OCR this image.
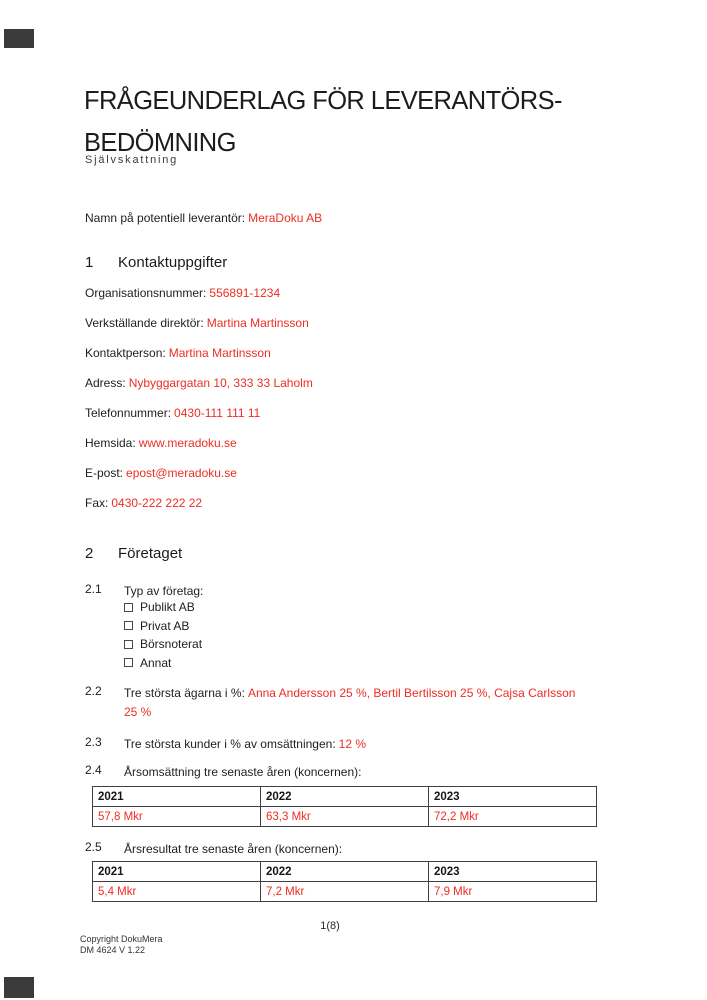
FRÅGEUNDERLAG FÖR LEVERANTÖRS-
BEDÖMNING
Självskattning
Namn på potentiell leverantör: MeraDoku AB
1 Kontaktuppgifter
Organisationsnummer: 556891-1234
Verkställande direktör: Martina Martinsson
Kontaktperson: Martina Martinsson
Adress: Nybyggargatan 10, 333 33 Laholm
Telefonnummer: 0430-111 111 11
Hemsida: www.meradoku.se
E-post: epost@meradoku.se
Fax: 0430-222 222 22
2 Företaget
2.1	Typ av företag:
Publikt AB
Privat AB
Börsnoterat
Annat
2.2	Tre största ägarna i %: Anna Andersson 25 %, Bertil Bertilsson 25 %, Cajsa Carlsson
25 %
2.3	Tre största kunder i % av omsättningen: 12 %
2.4	Årsomsättning tre senaste åren (koncernen):
2021	2022	2023
57,8 Mkr	63,3 Mkr	72,2 Mkr
2.5	Årsresultat tre senaste åren (koncernen):
2021	2022	2023
5,4 Mkr	7,2 Mkr	7,9 Mkr
1(8)
Copyright DokuMera
DM 4624 V 1.22
